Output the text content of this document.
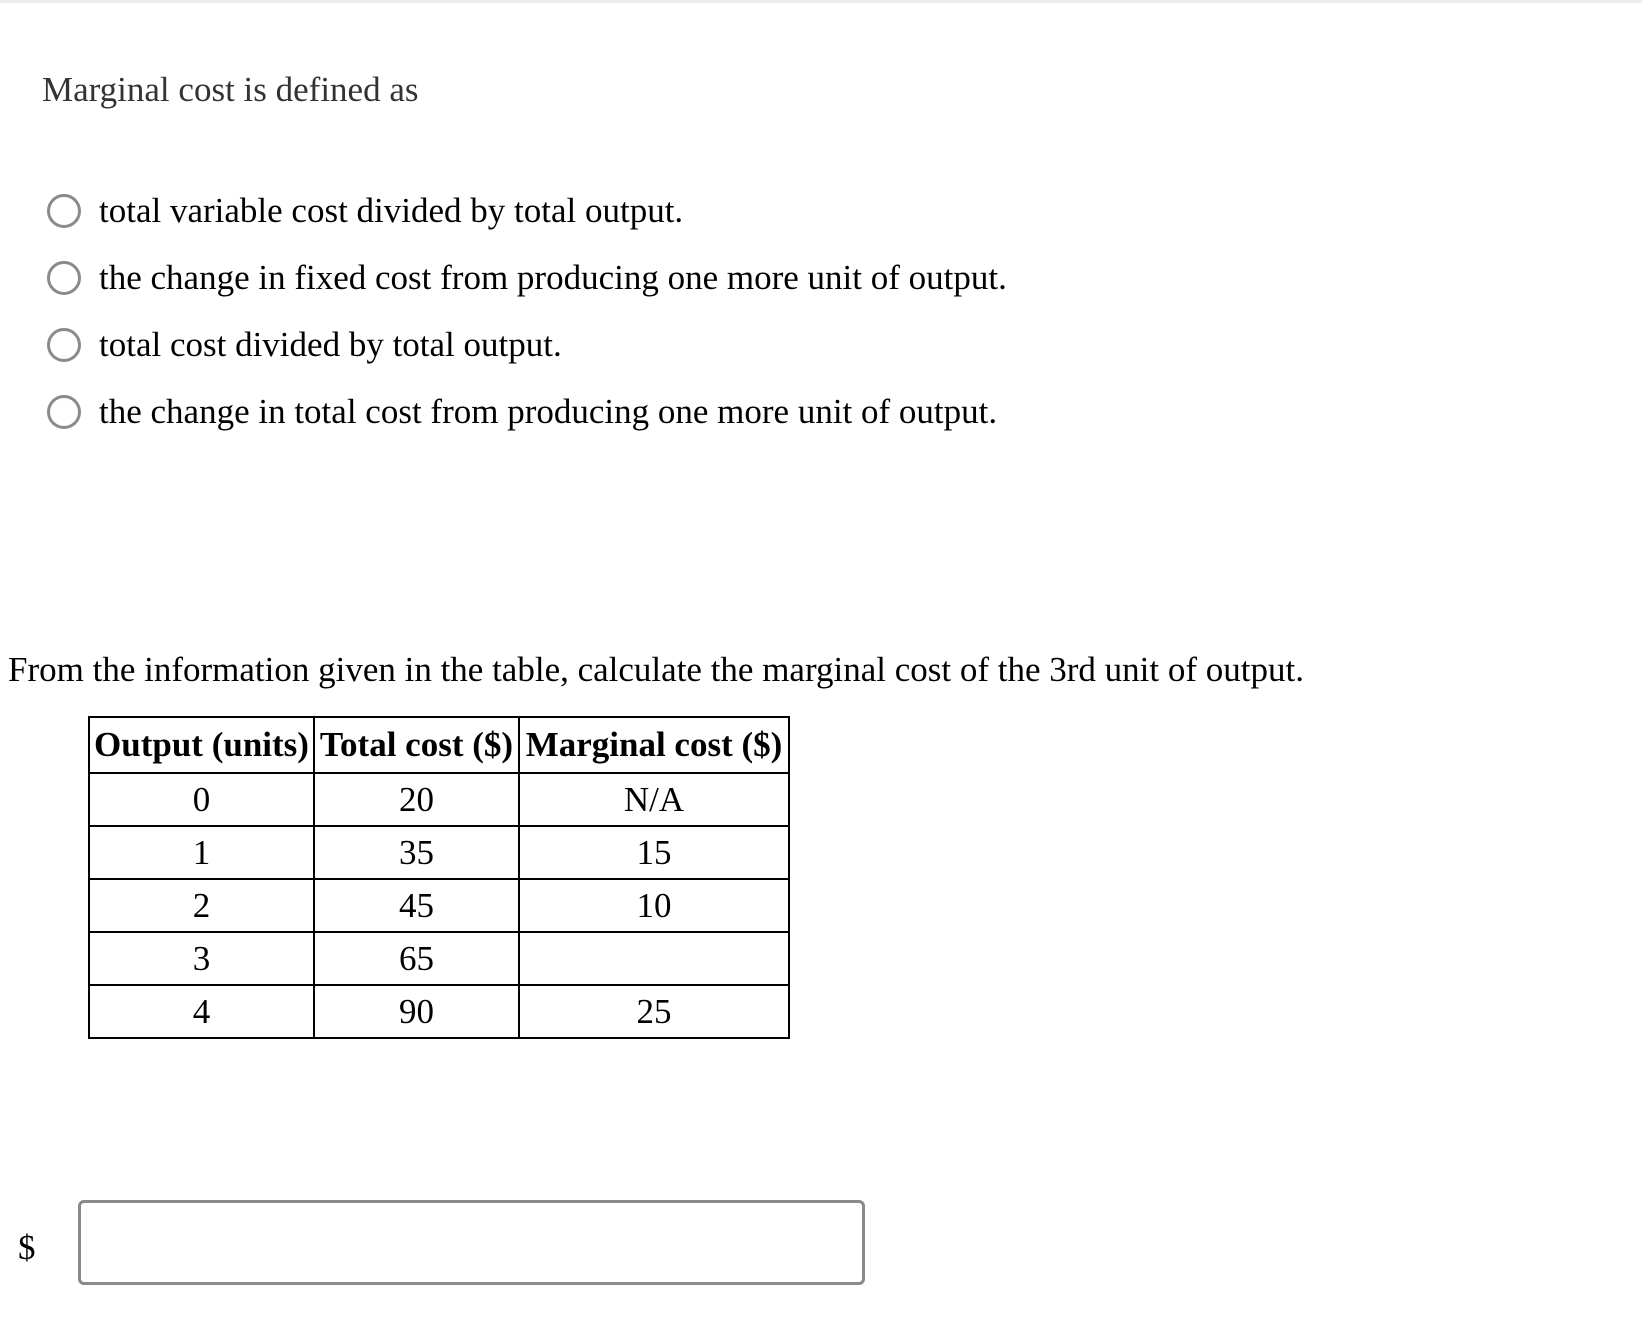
Marginal cost is defined as
total variable cost divided by total output.
the change in fixed cost from producing one more unit of output.
total cost divided by total output.
the change in total cost from producing one more unit of output.
From the information given in the table, calculate the marginal cost of the 3rd unit of output.
Output (units)	Total cost ($)	Marginal cost ($)
0	20	N/A
1	35	15
2	45	10
3	65	
4	90	25
$
